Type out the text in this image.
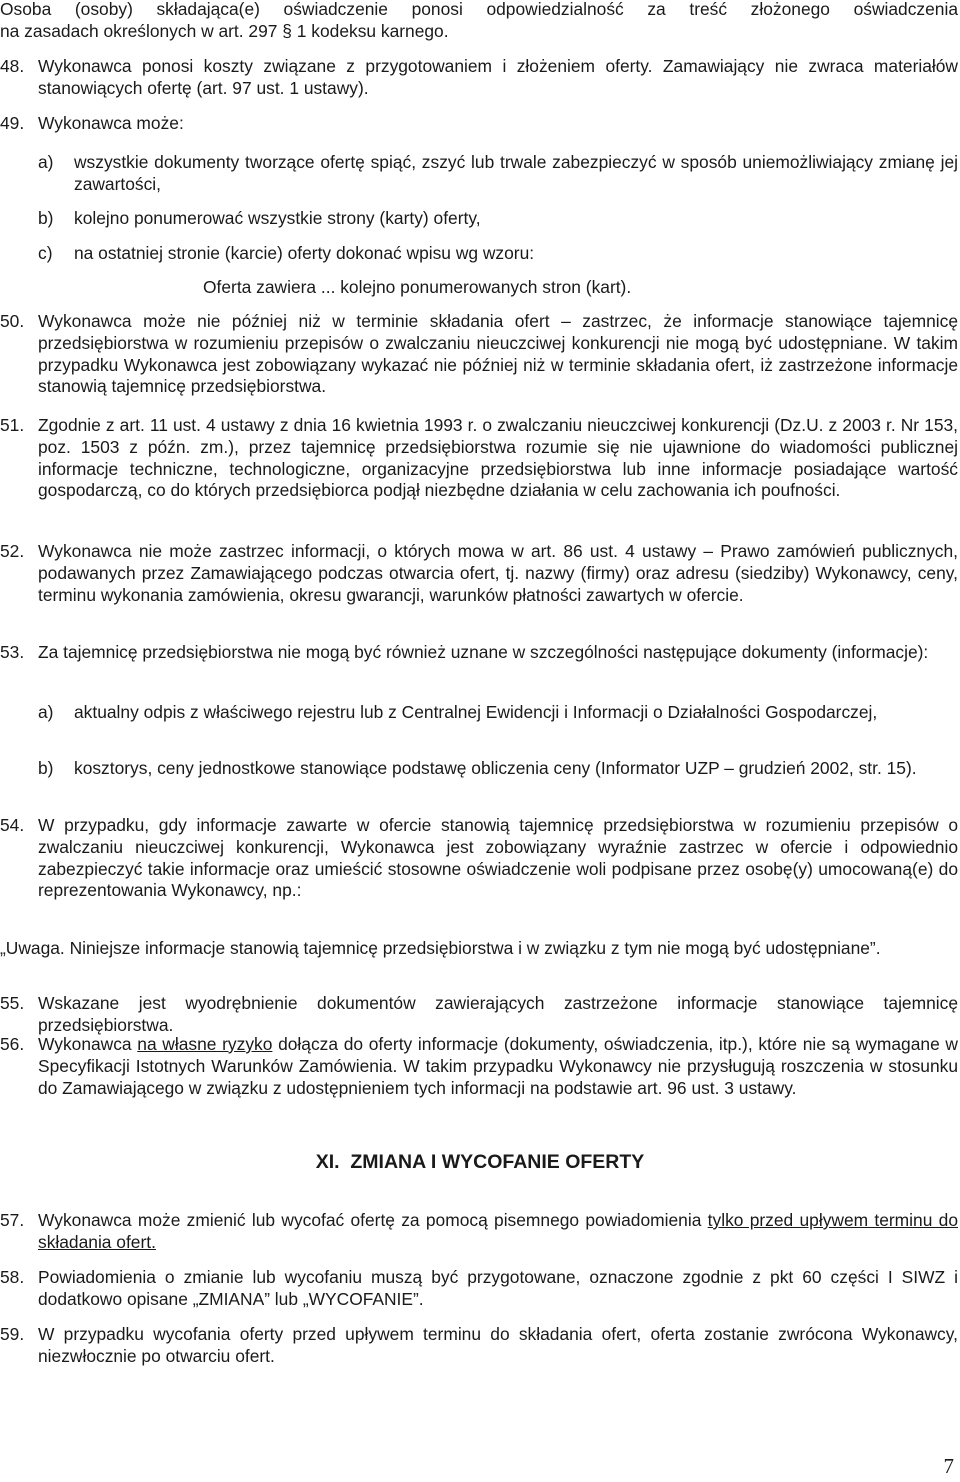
Osoba (osoby) składająca(e) oświadczenie ponosi odpowiedzialność za treść złożonego oświadczenia
na zasadach określonych w art. 297 § 1 kodeksu karnego.
48. Wykonawca ponosi koszty związane z przygotowaniem i złożeniem oferty. Zamawiający nie zwraca materiałów stanowiących ofertę (art. 97 ust. 1 ustawy).
49. Wykonawca może:
a) wszystkie dokumenty tworzące ofertę spiąć, zszyć lub trwale zabezpieczyć w sposób uniemożliwiający zmianę jej zawartości,
b) kolejno ponumerować wszystkie strony (karty) oferty,
c) na ostatniej stronie (karcie) oferty dokonać wpisu wg wzoru:
Oferta zawiera ... kolejno ponumerowanych stron (kart).
50. Wykonawca może nie później niż w terminie składania ofert – zastrzec, że informacje stanowiące tajemnicę przedsiębiorstwa w rozumieniu przepisów o zwalczaniu nieuczciwej konkurencji nie mogą być udostępniane. W takim przypadku Wykonawca jest zobowiązany wykazać nie później niż w terminie składania ofert, iż zastrzeżone informacje stanowią tajemnicę przedsiębiorstwa.
51. Zgodnie z art. 11 ust. 4 ustawy z dnia 16 kwietnia 1993 r. o zwalczaniu nieuczciwej konkurencji (Dz.U. z 2003 r. Nr 153, poz. 1503 z późn. zm.), przez tajemnicę przedsiębiorstwa rozumie się nie ujawnione do wiadomości publicznej informacje techniczne, technologiczne, organizacyjne przedsiębiorstwa lub inne informacje posiadające wartość gospodarczą, co do których przedsiębiorca podjął niezbędne działania w celu zachowania ich poufności.
52. Wykonawca nie może zastrzec informacji, o których mowa w art. 86 ust. 4 ustawy – Prawo zamówień publicznych, podawanych przez Zamawiającego podczas otwarcia ofert, tj. nazwy (firmy) oraz adresu (siedziby) Wykonawcy, ceny, terminu wykonania zamówienia, okresu gwarancji, warunków płatności zawartych w ofercie.
53. Za tajemnicę przedsiębiorstwa nie mogą być również uznane w szczególności następujące dokumenty (informacje):
a) aktualny odpis z właściwego rejestru lub z Centralnej Ewidencji i Informacji o Działalności Gospodarczej,
b) kosztorys, ceny jednostkowe stanowiące podstawę obliczenia ceny (Informator UZP – grudzień 2002, str. 15).
54. W przypadku, gdy informacje zawarte w ofercie stanowią tajemnicę przedsiębiorstwa w rozumieniu przepisów o zwalczaniu nieuczciwej konkurencji, Wykonawca jest zobowiązany wyraźnie zastrzec w ofercie i odpowiednio zabezpieczyć takie informacje oraz umieścić stosowne oświadczenie woli podpisane przez osobę(y) umocowaną(e) do reprezentowania Wykonawcy, np.:
„Uwaga. Niniejsze informacje stanowią tajemnicę przedsiębiorstwa i w związku z tym nie mogą być udostępniane”.
55. Wskazane jest wyodrębnienie dokumentów zawierających zastrzeżone informacje stanowiące tajemnicę przedsiębiorstwa.
56. Wykonawca na własne ryzyko dołącza do oferty informacje (dokumenty, oświadczenia, itp.), które nie są wymagane w Specyfikacji Istotnych Warunków Zamówienia. W takim przypadku Wykonawcy nie przysługują roszczenia w stosunku do Zamawiającego w związku z udostępnieniem tych informacji na podstawie art. 96 ust. 3 ustawy.
XI.  ZMIANA I WYCOFANIE OFERTY
57. Wykonawca może zmienić lub wycofać ofertę za pomocą pisemnego powiadomienia tylko przed upływem terminu do składania ofert.
58. Powiadomienia o zmianie lub wycofaniu muszą być przygotowane, oznaczone zgodnie z pkt 60 części I SIWZ i dodatkowo opisane „ZMIANA” lub „WYCOFANIE”.
59. W przypadku wycofania oferty przed upływem terminu do składania ofert, oferta zostanie zwrócona Wykonawcy, niezwłocznie po otwarciu ofert.
7
